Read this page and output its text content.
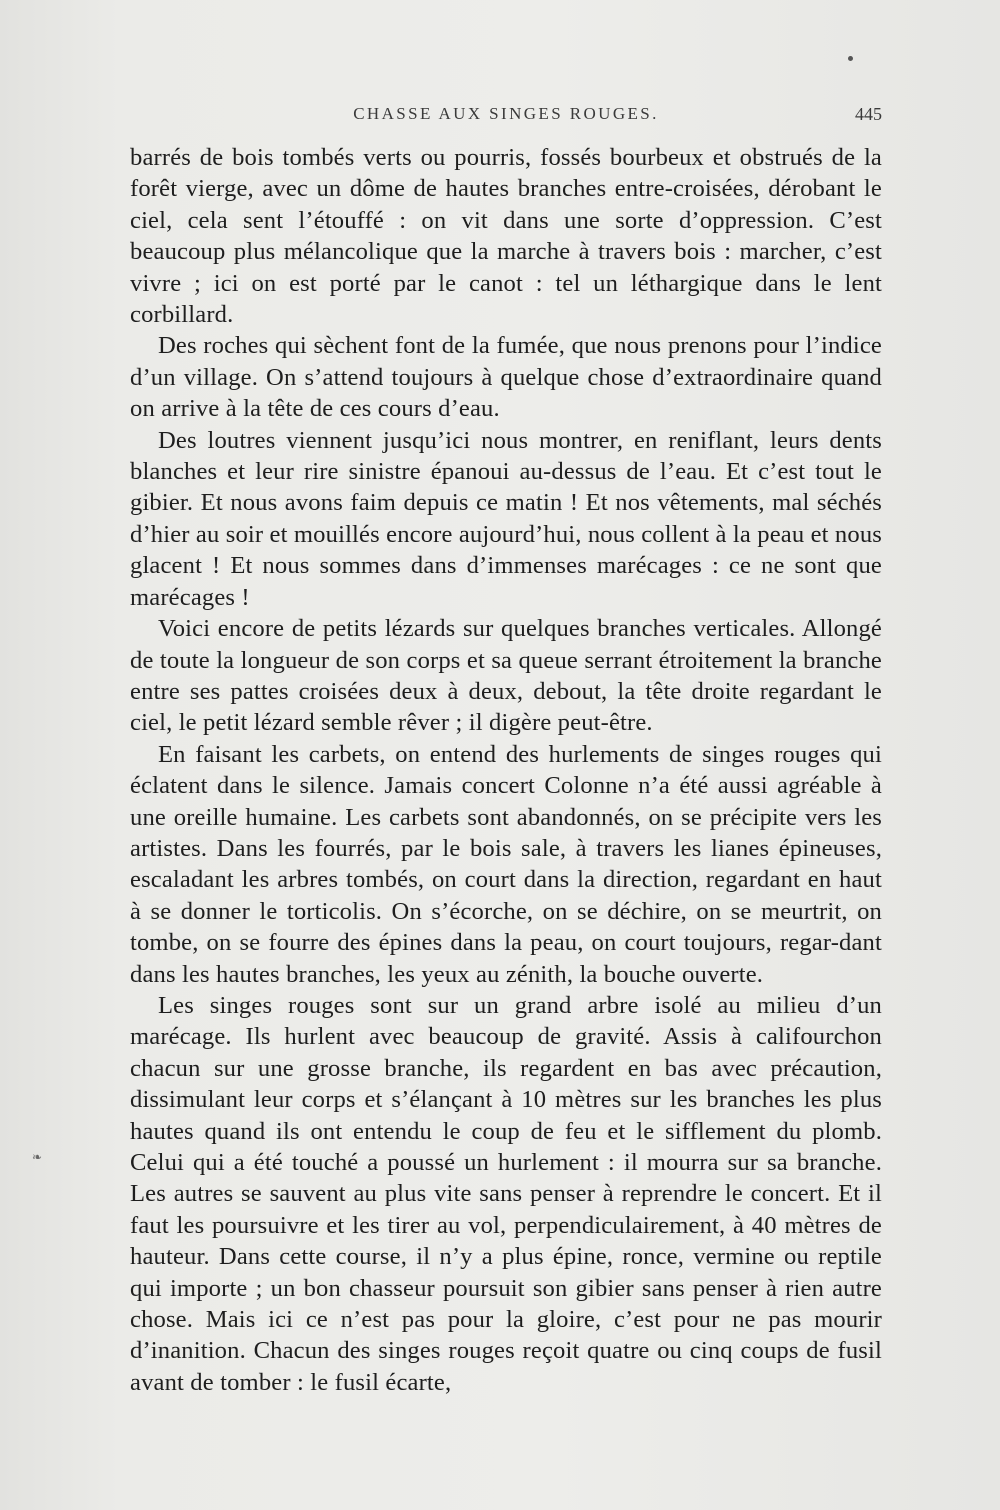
❧
CHASSE AUX SINGES ROUGES.	445

barrés de bois tombés verts ou pourris, fossés bourbeux et obstrués de la forêt vierge, avec un dôme de hautes branches entre-croisées, dérobant le ciel, cela sent l’étouffé : on vit dans une sorte d’oppression. C’est beaucoup plus mélancolique que la marche à travers bois : marcher, c’est vivre ; ici on est porté par le canot : tel un léthargique dans le lent corbillard.

Des roches qui sèchent font de la fumée, que nous prenons pour l’indice d’un village. On s’attend toujours à quelque chose d’extraordinaire quand on arrive à la tête de ces cours d’eau.

Des loutres viennent jusqu’ici nous montrer, en reniflant, leurs dents blanches et leur rire sinistre épanoui au-dessus de l’eau. Et c’est tout le gibier. Et nous avons faim depuis ce matin ! Et nos vêtements, mal séchés d’hier au soir et mouillés encore aujourd’hui, nous collent à la peau et nous glacent ! Et nous sommes dans d’immenses marécages : ce ne sont que marécages !

Voici encore de petits lézards sur quelques branches verticales. Allongé de toute la longueur de son corps et sa queue serrant étroitement la branche entre ses pattes croisées deux à deux, debout, la tête droite regardant le ciel, le petit lézard semble rêver ; il digère peut-être.

En faisant les carbets, on entend des hurlements de singes rouges qui éclatent dans le silence. Jamais concert Colonne n’a été aussi agréable à une oreille humaine. Les carbets sont abandonnés, on se précipite vers les artistes. Dans les fourrés, par le bois sale, à travers les lianes épineuses, escaladant les arbres tombés, on court dans la direction, regardant en haut à se donner le torticolis. On s’écorche, on se déchire, on se meurtrit, on tombe, on se fourre des épines dans la peau, on court toujours, regar-dant dans les hautes branches, les yeux au zénith, la bouche ouverte.

Les singes rouges sont sur un grand arbre isolé au milieu d’un marécage. Ils hurlent avec beaucoup de gravité. Assis à califourchon chacun sur une grosse branche, ils regardent en bas avec précaution, dissimulant leur corps et s’élançant à 10 mètres sur les branches les plus hautes quand ils ont entendu le coup de feu et le sifflement du plomb. Celui qui a été touché a poussé un hurlement : il mourra sur sa branche. Les autres se sauvent au plus vite sans penser à reprendre le concert. Et il faut les poursuivre et les tirer au vol, perpendiculairement, à 40 mètres de hauteur. Dans cette course, il n’y a plus épine, ronce, vermine ou reptile qui importe ; un bon chasseur poursuit son gibier sans penser à rien autre chose. Mais ici ce n’est pas pour la gloire, c’est pour ne pas mourir d’inanition. Chacun des singes rouges reçoit quatre ou cinq coups de fusil avant de tomber : le fusil écarte,
